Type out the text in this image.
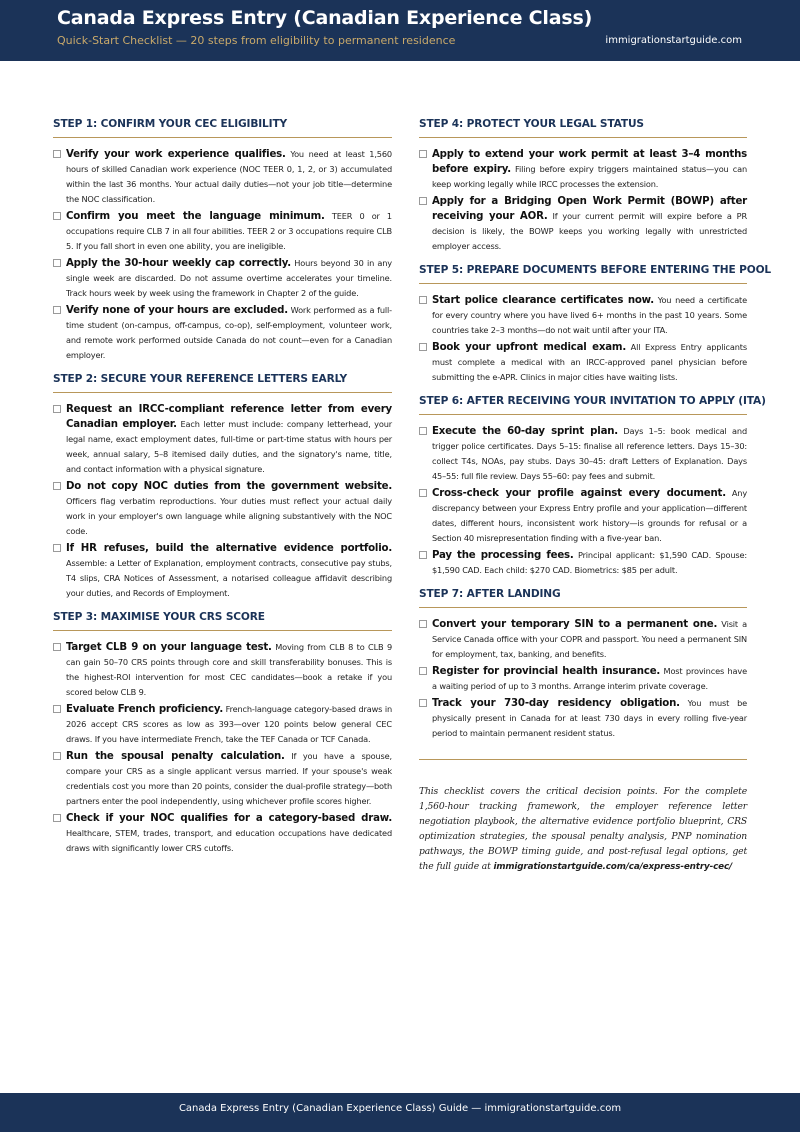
Canada Express Entry (Canadian Experience Class)
Quick-Start Checklist — 20 steps from eligibility to permanent residence	immigrationstartguide.com
STEP 1: CONFIRM YOUR CEC ELIGIBILITY
Verify your work experience qualifies. You need at least 1,560 hours of skilled Canadian work experience (NOC TEER 0, 1, 2, or 3) accumulated within the last 36 months. Your actual daily duties—not your job title—determine the NOC classification.
Confirm you meet the language minimum. TEER 0 or 1 occupations require CLB 7 in all four abilities. TEER 2 or 3 occupations require CLB 5. If you fall short in even one ability, you are ineligible.
Apply the 30-hour weekly cap correctly. Hours beyond 30 in any single week are discarded. Do not assume overtime accelerates your timeline. Track hours week by week using the framework in Chapter 2 of the guide.
Verify none of your hours are excluded. Work performed as a full-time student (on-campus, off-campus, co-op), self-employment, volunteer work, and remote work performed outside Canada do not count—even for a Canadian employer.
STEP 2: SECURE YOUR REFERENCE LETTERS EARLY
Request an IRCC-compliant reference letter from every Canadian employer. Each letter must include: company letterhead, your legal name, exact employment dates, full-time or part-time status with hours per week, annual salary, 5–8 itemised daily duties, and the signatory's name, title, and contact information with a physical signature.
Do not copy NOC duties from the government website. Officers flag verbatim reproductions. Your duties must reflect your actual daily work in your employer's own language while aligning substantively with the NOC code.
If HR refuses, build the alternative evidence portfolio. Assemble: a Letter of Explanation, employment contracts, consecutive pay stubs, T4 slips, CRA Notices of Assessment, a notarised colleague affidavit describing your duties, and Records of Employment.
STEP 3: MAXIMISE YOUR CRS SCORE
Target CLB 9 on your language test. Moving from CLB 8 to CLB 9 can gain 50–70 CRS points through core and skill transferability bonuses. This is the highest-ROI intervention for most CEC candidates—book a retake if you scored below CLB 9.
Evaluate French proficiency. French-language category-based draws in 2026 accept CRS scores as low as 393—over 120 points below general CEC draws. If you have intermediate French, take the TEF Canada or TCF Canada.
Run the spousal penalty calculation. If you have a spouse, compare your CRS as a single applicant versus married. If your spouse's weak credentials cost you more than 20 points, consider the dual-profile strategy—both partners enter the pool independently, using whichever profile scores higher.
Check if your NOC qualifies for a category-based draw. Healthcare, STEM, trades, transport, and education occupations have dedicated draws with significantly lower CRS cutoffs.
STEP 4: PROTECT YOUR LEGAL STATUS
Apply to extend your work permit at least 3–4 months before expiry. Filing before expiry triggers maintained status—you can keep working legally while IRCC processes the extension.
Apply for a Bridging Open Work Permit (BOWP) after receiving your AOR. If your current permit will expire before a PR decision is likely, the BOWP keeps you working legally with unrestricted employer access.
STEP 5: PREPARE DOCUMENTS BEFORE ENTERING THE POOL
Start police clearance certificates now. You need a certificate for every country where you have lived 6+ months in the past 10 years. Some countries take 2–3 months—do not wait until after your ITA.
Book your upfront medical exam. All Express Entry applicants must complete a medical with an IRCC-approved panel physician before submitting the e-APR. Clinics in major cities have waiting lists.
STEP 6: AFTER RECEIVING YOUR INVITATION TO APPLY (ITA)
Execute the 60-day sprint plan. Days 1–5: book medical and trigger police certificates. Days 5–15: finalise all reference letters. Days 15–30: collect T4s, NOAs, pay stubs. Days 30–45: draft Letters of Explanation. Days 45–55: full file review. Days 55–60: pay fees and submit.
Cross-check your profile against every document. Any discrepancy between your Express Entry profile and your application—different dates, different hours, inconsistent work history—is grounds for refusal or a Section 40 misrepresentation finding with a five-year ban.
Pay the processing fees. Principal applicant: $1,590 CAD. Spouse: $1,590 CAD. Each child: $270 CAD. Biometrics: $85 per adult.
STEP 7: AFTER LANDING
Convert your temporary SIN to a permanent one. Visit a Service Canada office with your COPR and passport. You need a permanent SIN for employment, tax, banking, and benefits.
Register for provincial health insurance. Most provinces have a waiting period of up to 3 months. Arrange interim private coverage.
Track your 730-day residency obligation. You must be physically present in Canada for at least 730 days in every rolling five-year period to maintain permanent resident status.
This checklist covers the critical decision points. For the complete 1,560-hour tracking framework, the employer reference letter negotiation playbook, the alternative evidence portfolio blueprint, CRS optimization strategies, the spousal penalty analysis, PNP nomination pathways, the BOWP timing guide, and post-refusal legal options, get the full guide at immigrationstartguide.com/ca/express-entry-cec/
Canada Express Entry (Canadian Experience Class) Guide — immigrationstartguide.com
